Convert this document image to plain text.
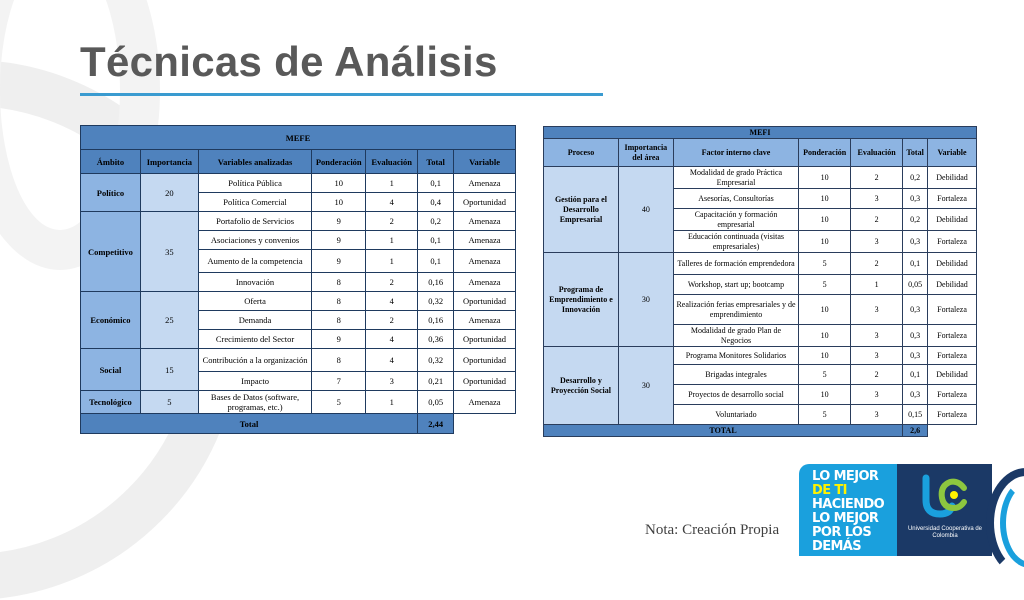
Técnicas de Análisis
MEFE						
Ámbito	Importancia	Variables analizadas	Ponderación	Evaluación	Total	Variable
Político	20	Política Pública	10	1	0,1	Amenaza
		Política Comercial	10	4	0,4	Oportunidad
Competitivo	35	Portafolio de Servicios	9	2	0,2	Amenaza
		Asociaciones y convenios	9	1	0,1	Amenaza
		Aumento de la competencia	9	1	0,1	Amenaza
		Innovación	8	2	0,16	Amenaza
Económico	25	Oferta	8	4	0,32	Oportunidad
		Demanda	8	2	0,16	Amenaza
		Crecimiento del Sector	9	4	0,36	Oportunidad
Social	15	Contribución a la organización	8	4	0,32	Oportunidad
		Impacto	7	3	0,21	Oportunidad
Tecnológico	5	Bases de Datos (software, programas, etc.)	5	1	0,05	Amenaza
Total					2,44	
MEFI						
Proceso	Importancia del área	Factor interno clave	Ponderación	Evaluación	Total	Variable
Gestión para el Desarrollo Empresarial	40	Modalidad de grado Práctica Empresarial	10	2	0,2	Debilidad
		Asesorías, Consultorías	10	3	0,3	Fortaleza
		Capacitación y formación empresarial	10	2	0,2	Debilidad
		Educación continuada (visitas empresariales)	10	3	0,3	Fortaleza
Programa de Emprendimiento e Innovación	30	Talleres de formación emprendedora	5	2	0,1	Debilidad
		Workshop, start up; bootcamp	5	1	0,05	Debilidad
		Realización ferias empresariales y de emprendimiento	10	3	0,3	Fortaleza
		Modalidad de grado Plan de Negocios	10	3	0,3	Fortaleza
Desarrollo y Proyección Social	30	Programa Monitores Solidarios	10	3	0,3	Fortaleza
		Brigadas integrales	5	2	0,1	Debilidad
		Proyectos de desarrollo social	10	3	0,3	Fortaleza
		Voluntariado	5	3	0,15	Fortaleza
TOTAL					2,6	
Nota: Creación Propia
LO MEJOR
DE TI
HACIENDO
LO MEJOR
POR LOS
DEMÁS
Universidad Cooperativa de Colombia
